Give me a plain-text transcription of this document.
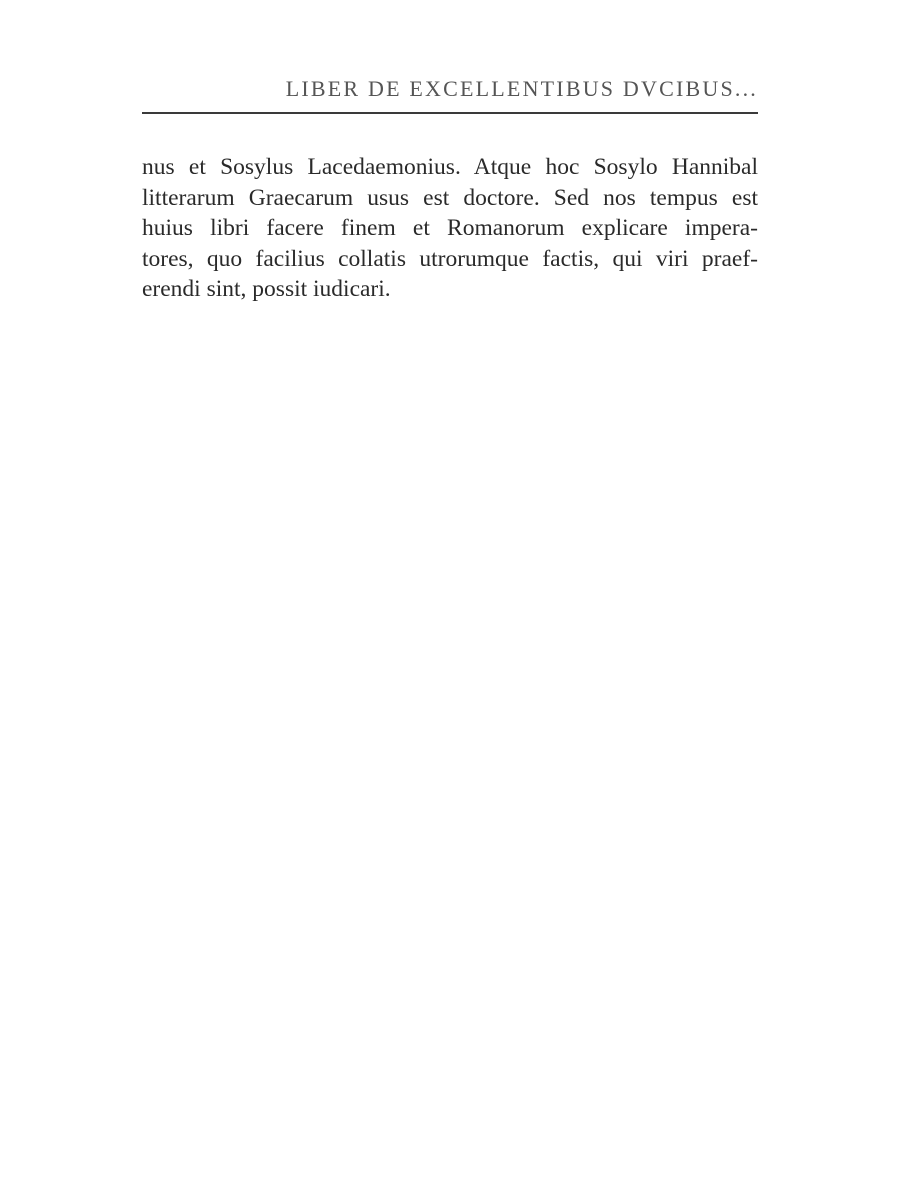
LIBER DE EXCELLENTIBUS DVCIBUS...
nus et Sosylus Lacedaemonius. Atque hoc Sosylo Hannibal
litterarum Graecarum usus est doctore. Sed nos tempus est
huius libri facere finem et Romanorum explicare impera-
tores, quo facilius collatis utrorumque factis, qui viri praef-
erendi sint, possit iudicari.
